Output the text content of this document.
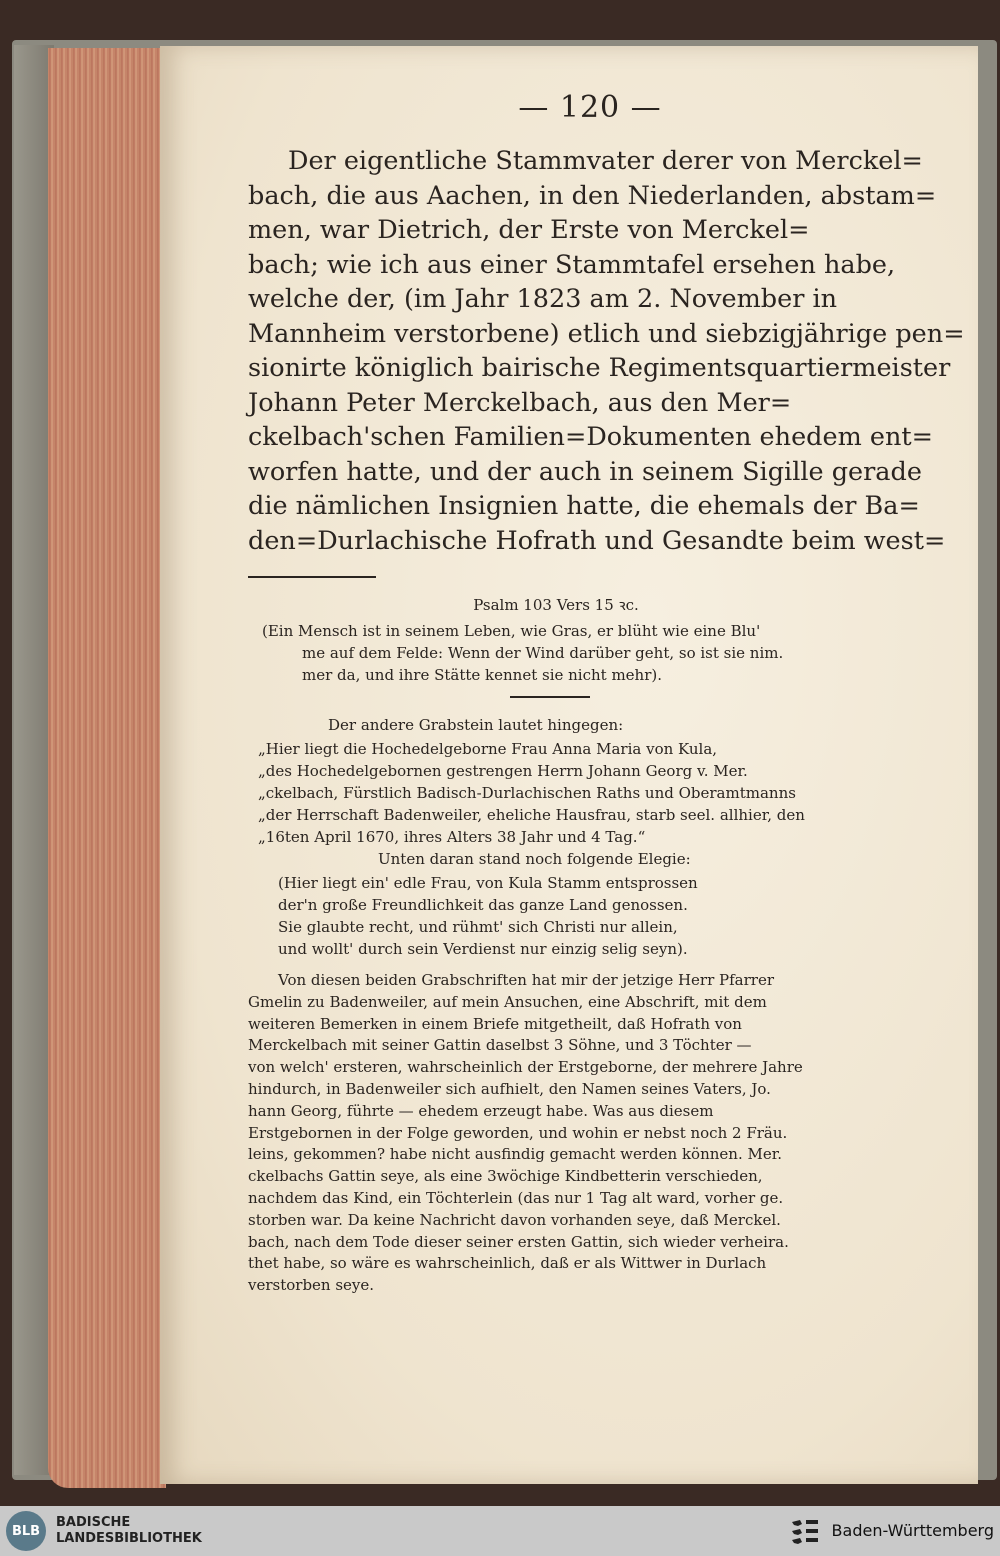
— 120 —
Der eigentliche Stammvater derer von Merckel=
bach, die aus Aachen, in den Niederlanden, abstam=
men, war Dietrich, der Erste von Merckel=
bach; wie ich aus einer Stammtafel ersehen habe,
welche der, (im Jahr 1823 am 2. November in
Mannheim verstorbene) etlich und siebzigjährige pen=
sionirte königlich bairische Regimentsquartiermeister
Johann Peter Merckelbach, aus den Mer=
ckelbach'schen Familien=Dokumenten ehedem ent=
worfen hatte, und der auch in seinem Sigille gerade
die nämlichen Insignien hatte, die ehemals der Ba=
den=Durlachische Hofrath und Gesandte beim west=
Psalm 103 Vers 15 ꝛc.
(Ein Mensch ist in seinem Leben, wie Gras, er blüht wie eine Blu'
me auf dem Felde: Wenn der Wind darüber geht, so ist sie nim.
mer da, und ihre Stätte kennet sie nicht mehr).
Der andere Grabstein lautet hingegen:
„Hier liegt die Hochedelgeborne Frau Anna Maria von Kula,
„des Hochedelgebornen gestrengen Herrn Johann Georg v. Mer.
„ckelbach, Fürstlich Badisch-Durlachischen Raths und Oberamtmanns
„der Herrschaft Badenweiler, eheliche Hausfrau, starb seel. allhier, den
„16ten April 1670, ihres Alters 38 Jahr und 4 Tag.“
Unten daran stand noch folgende Elegie:
(Hier liegt ein' edle Frau, von Kula Stamm entsprossen
der'n große Freundlichkeit das ganze Land genossen.
Sie glaubte recht, und rühmt' sich Christi nur allein,
und wollt' durch sein Verdienst nur einzig selig seyn).
Von diesen beiden Grabschriften hat mir der jetzige Herr Pfarrer
Gmelin zu Badenweiler, auf mein Ansuchen, eine Abschrift, mit dem
weiteren Bemerken in einem Briefe mitgetheilt, daß Hofrath von
Merckelbach mit seiner Gattin daselbst 3 Söhne, und 3 Töchter —
von welch' ersteren, wahrscheinlich der Erstgeborne, der mehrere Jahre
hindurch, in Badenweiler sich aufhielt, den Namen seines Vaters, Jo.
hann Georg, führte — ehedem erzeugt habe. Was aus diesem
Erstgebornen in der Folge geworden, und wohin er nebst noch 2 Fräu.
leins, gekommen? habe nicht ausfindig gemacht werden können. Mer.
ckelbachs Gattin seye, als eine 3wöchige Kindbetterin verschieden,
nachdem das Kind, ein Töchterlein (das nur 1 Tag alt ward, vorher ge.
storben war. Da keine Nachricht davon vorhanden seye, daß Merckel.
bach, nach dem Tode dieser seiner ersten Gattin, sich wieder verheira.
thet habe, so wäre es wahrscheinlich, daß er als Wittwer in Durlach
verstorben seye.
BLB
BADISCHE
LANDESBIBLIOTHEK	Baden-Württemberg
